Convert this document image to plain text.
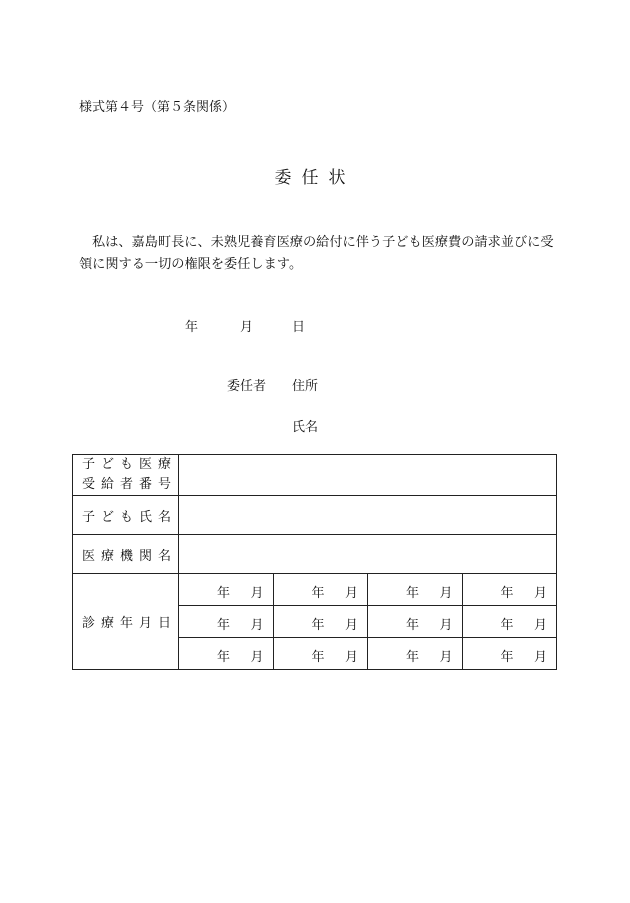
様式第４号（第５条関係）
委任状
私は、嘉島町長に、未熟児養育医療の給付に伴う子ども医療費の請求並びに受領に関する一切の権限を委任します。
年	月	日
委任者 住所
氏名
子ども医療
受給者番号				

子ども氏名				
医療機関名				
診療年月日	年 月	年 月	年 月	年 月

	年 月	年 月	年 月	年 月

	年 月	年 月	年 月	年 月
